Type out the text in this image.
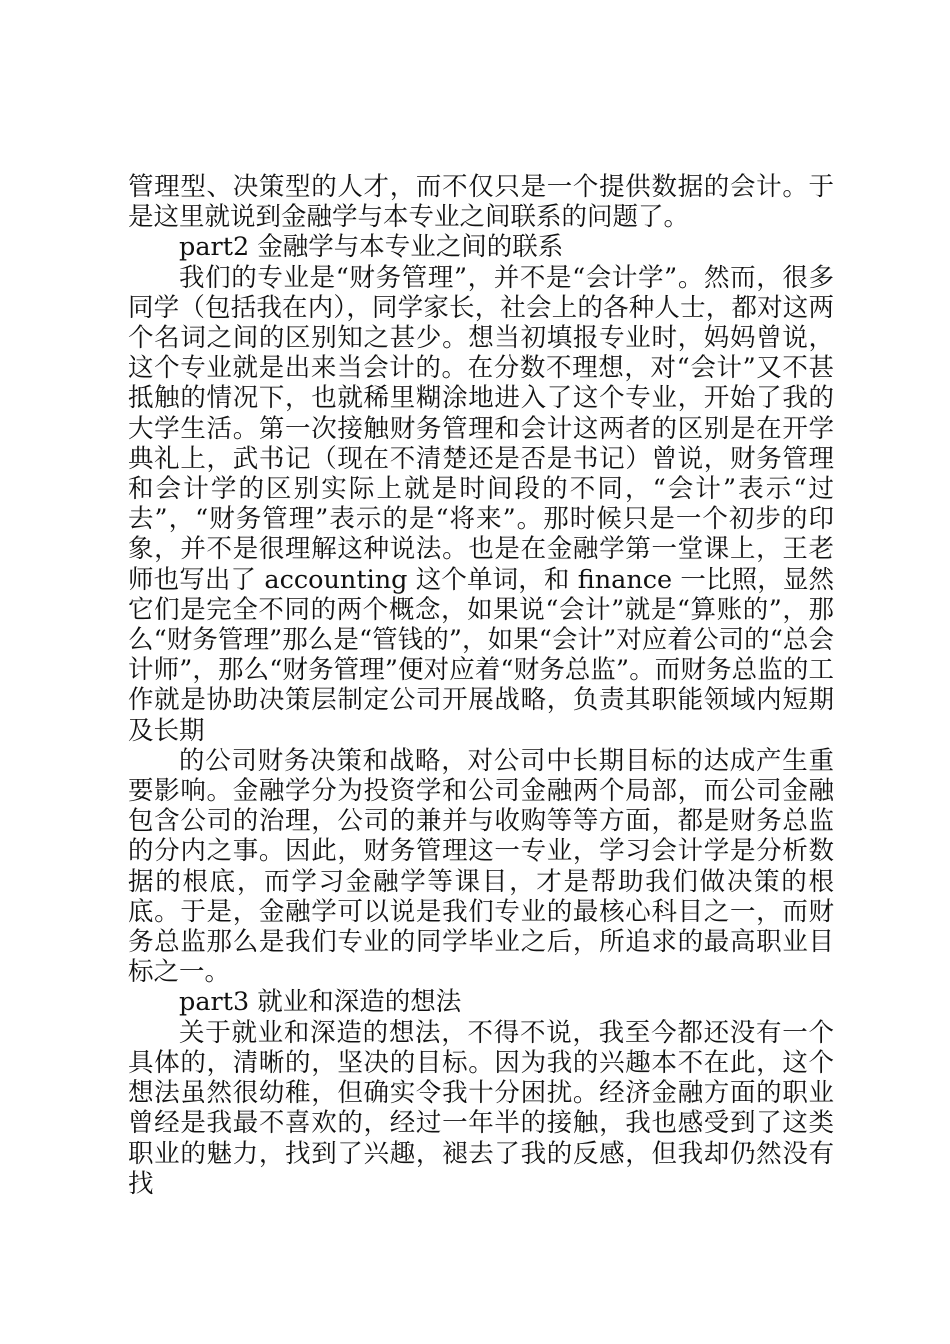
管理型、决策型的人才，而不仅只是一个提供数据的会计。于是这里就说到金融学与本专业之间联系的问题了。

part2 金融学与本专业之间的联系

我们的专业是“财务管理”，并不是“会计学”。然而，很多同学（包括我在内），同学家长，社会上的各种人士，都对这两个名词之间的区别知之甚少。想当初填报专业时，妈妈曾说，这个专业就是出来当会计的。在分数不理想，对“会计”又不甚抵触的情况下，也就稀里糊涂地进入了这个专业，开始了我的大学生活。第一次接触财务管理和会计这两者的区别是在开学典礼上，武书记（现在不清楚还是否是书记）曾说，财务管理和会计学的区别实际上就是时间段的不同，“会计”表示“过去”，“财务管理”表示的是“将来”。那时候只是一个初步的印象，并不是很理解这种说法。也是在金融学第一堂课上，王老师也写出了 accounting 这个单词，和 finance 一比照，显然它们是完全不同的两个概念，如果说“会计”就是“算账的”，那么“财务管理”那么是“管钱的”，如果“会计”对应着公司的“总会计师”，那么“财务管理”便对应着“财务总监”。而财务总监的工作就是协助决策层制定公司开展战略，负责其职能领域内短期及长期

的公司财务决策和战略，对公司中长期目标的达成产生重要影响。金融学分为投资学和公司金融两个局部，而公司金融包含公司的治理，公司的兼并与收购等等方面，都是财务总监的分内之事。因此，财务管理这一专业，学习会计学是分析数据的根底，而学习金融学等课目，才是帮助我们做决策的根底。于是，金融学可以说是我们专业的最核心科目之一，而财务总监那么是我们专业的同学毕业之后，所追求的最高职业目标之一。

part3 就业和深造的想法

关于就业和深造的想法，不得不说，我至今都还没有一个具体的，清晰的，坚决的目标。因为我的兴趣本不在此，这个想法虽然很幼稚，但确实令我十分困扰。经济金融方面的职业曾经是我最不喜欢的，经过一年半的接触，我也感受到了这类职业的魅力，找到了兴趣，褪去了我的反感，但我却仍然没有找
